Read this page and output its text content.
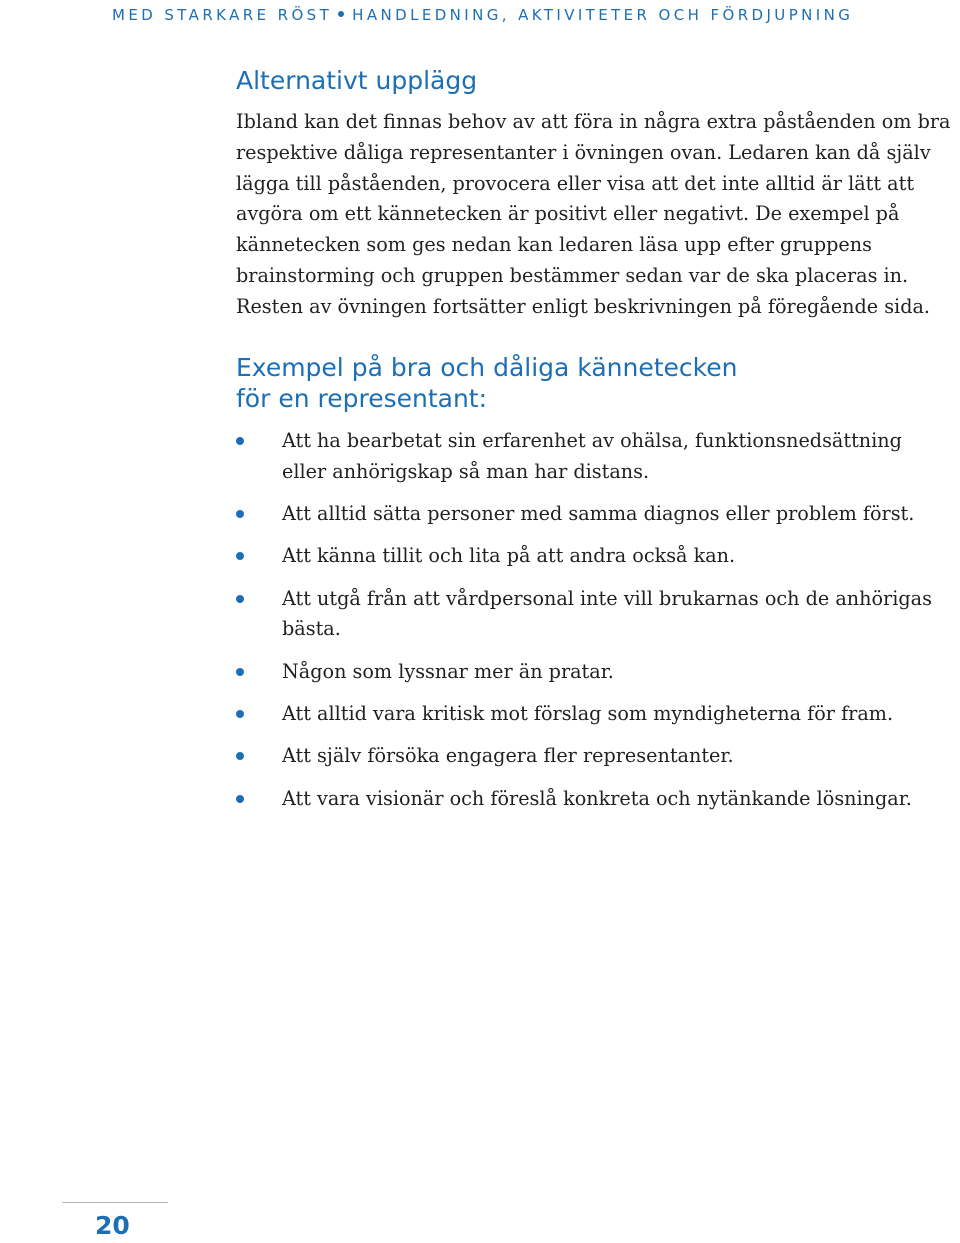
MED STARKARE RÖST HANDLEDNING, AKTIVITETER OCH FÖRDJUPNING
Alternativt upplägg

Ibland kan det finnas behov av att föra in några extra påståenden om bra respektive dåliga representanter i övningen ovan. Ledaren kan då själv lägga till påståenden, provocera eller visa att det inte alltid är lätt att avgöra om ett kännetecken är positivt eller negativt. De exempel på kännetecken som ges nedan kan ledaren läsa upp efter gruppens brainstorming och gruppen bestämmer sedan var de ska placeras in. Resten av övningen fortsätter enligt beskrivningen på föregående sida.

Exempel på bra och dåliga kännetecken
för en representant:
Att ha bearbetat sin erfarenhet av ohälsa, funktionsnedsättning eller anhörigskap så man har distans.
Att alltid sätta personer med samma diagnos eller problem först.
Att känna tillit och lita på att andra också kan.
Att utgå från att vårdpersonal inte vill brukarnas och de anhörigas bästa.
Någon som lyssnar mer än pratar.
Att alltid vara kritisk mot förslag som myndigheterna för fram.
Att själv försöka engagera fler representanter.
Att vara visionär och föreslå konkreta och nytänkande lösningar.
20
